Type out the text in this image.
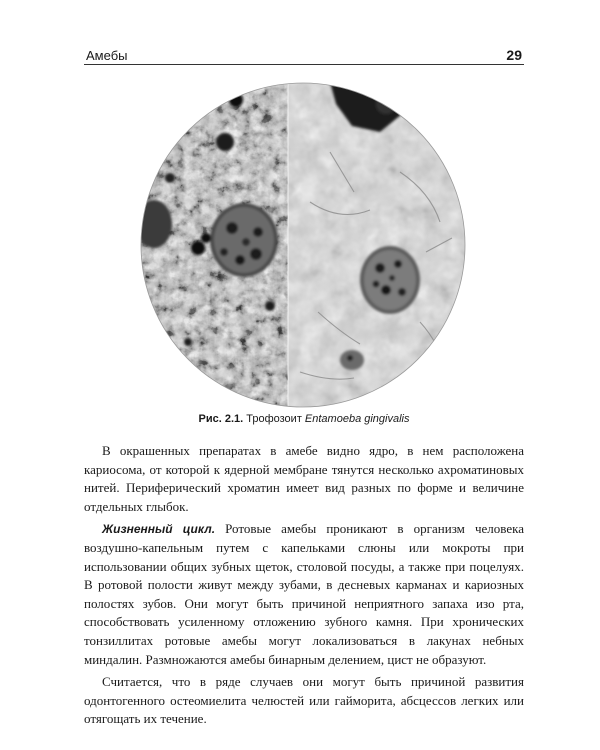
Амебы	29
Рис. 2.1. Трофозоит Entamoeba gingivalis

В окрашенных препаратах в амебе видно ядро, в нем расположена кариосома, от которой к ядерной мембране тянутся несколько ахроматиновых нитей. Периферический хроматин имеет вид разных по форме и величине отдельных глыбок.

Жизненный цикл. Ротовые амебы проникают в организм человека воздушно-капельным путем с капельками слюны или мокроты при использовании общих зубных щеток, столовой посуды, а также при поцелуях. В ротовой полости живут между зубами, в десневых карманах и кариозных полостях зубов. Они могут быть причиной неприятного запаха изо рта, способствовать усиленному отложению зубного камня. При хронических тонзиллитах ротовые амебы могут локализоваться в лакунах небных миндалин. Размножаются амебы бинарным делением, цист не образуют.

Считается, что в ряде случаев они могут быть причиной развития одонтогенного остеомиелита челюстей или гайморита, абсцессов легких или отягощать их течение.
